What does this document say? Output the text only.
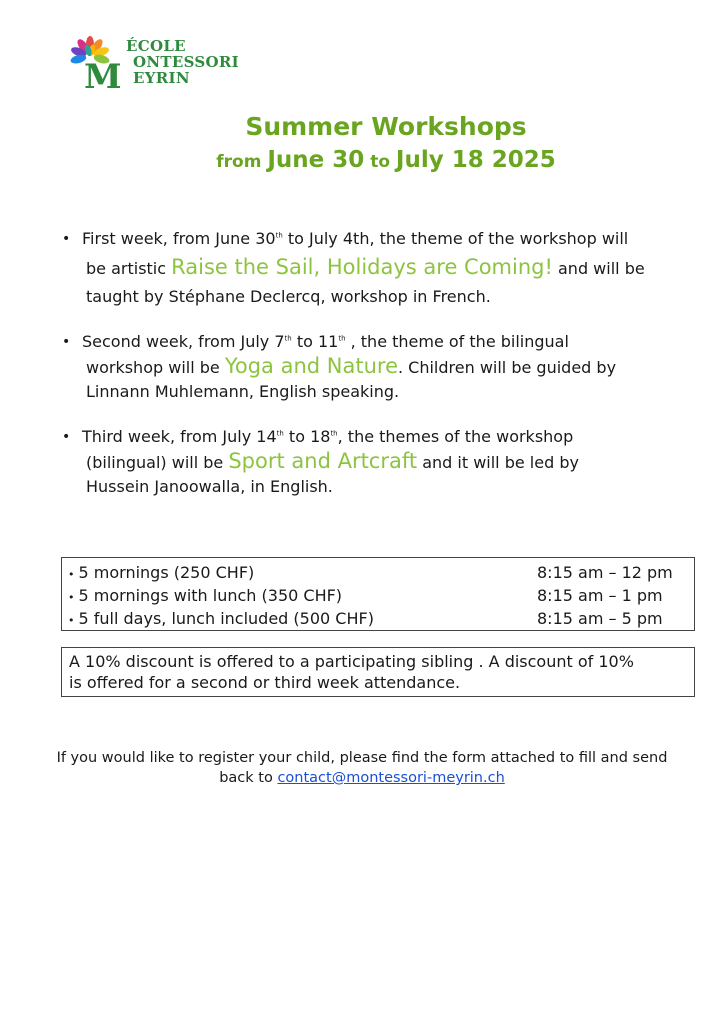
M
ÉCOLE
ONTESSORI
EYRIN
Summer Workshops
from June 30 to July 18 2025
• First week, from June 30th to July 4th, the theme of the workshop will
be artistic Raise the Sail, Holidays are Coming! and will be
taught by Stéphane Declercq, workshop in French.
• Second week, from July 7th to 11th , the theme of the bilingual
workshop will be Yoga and Nature. Children will be guided by
Linnann Muhlemann, English speaking.
• Third week, from July 14th to 18th, the themes of the workshop
(bilingual) will be Sport and Artcraft and it will be led by
Hussein Janoowalla, in English.
• 5 mornings (250 CHF)	8:15 am – 12 pm
• 5 mornings with lunch (350 CHF)	8:15 am – 1 pm
• 5 full days, lunch included (500 CHF)	8:15 am – 5 pm
A 10% discount is offered to a participating sibling . A discount of 10%
is offered for a second or third week attendance.
If you would like to register your child, please find the form attached to fill and send
back to contact@montessori-meyrin.ch
